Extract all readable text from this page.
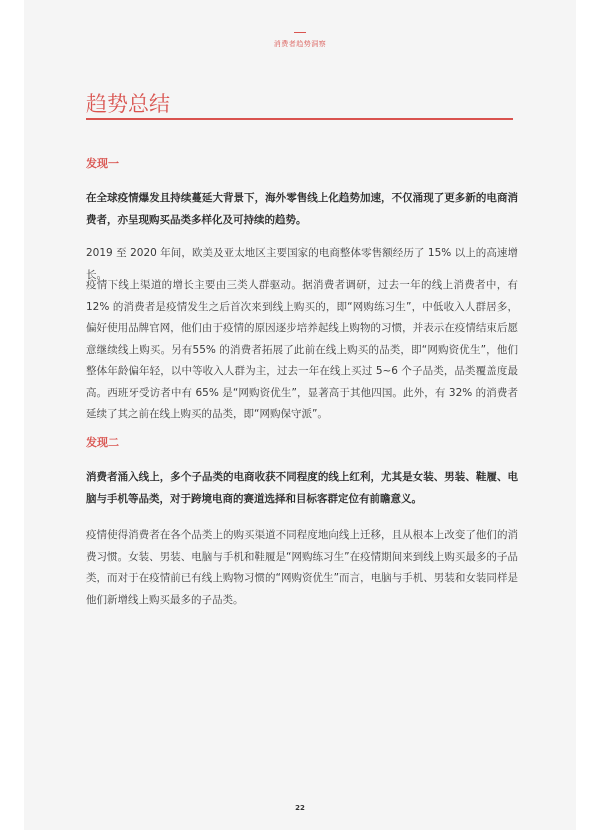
消费者趋势洞察
趋势总结
发现一

在全球疫情爆发且持续蔓延大背景下，海外零售线上化趋势加速，不仅涌现了更多新的电商消费者，亦呈现购买品类多样化及可持续的趋势。

2019 至 2020 年间，欧美及亚太地区主要国家的电商整体零售额经历了 15% 以上的高速增长。

疫情下线上渠道的增长主要由三类人群驱动。据消费者调研，过去一年的线上消费者中，有 12% 的消费者是疫情发生之后首次来到线上购买的，即“网购练习生”，中低收入人群居多，偏好使用品牌官网，他们由于疫情的原因逐步培养起线上购物的习惯，并表示在疫情结束后愿意继续线上购买。另有55% 的消费者拓展了此前在线上购买的品类，即“网购资优生”，他们整体年龄偏年轻，以中等收入人群为主，过去一年在线上买过 5~6 个子品类，品类覆盖度最高。西班牙受访者中有 65% 是“网购资优生”，显著高于其他四国。此外，有 32% 的消费者延续了其之前在线上购买的品类，即“网购保守派”。

发现二

消费者涌入线上，多个子品类的电商收获不同程度的线上红利，尤其是女装、男装、鞋履、电脑与手机等品类，对于跨境电商的赛道选择和目标客群定位有前瞻意义。

疫情使得消费者在各个品类上的购买渠道不同程度地向线上迁移，且从根本上改变了他们的消费习惯。女装、男装、电脑与手机和鞋履是“网购练习生”在疫情期间来到线上购买最多的子品类，而对于在疫情前已有线上购物习惯的“网购资优生”而言，电脑与手机、男装和女装同样是他们新增线上购买最多的子品类。

22
